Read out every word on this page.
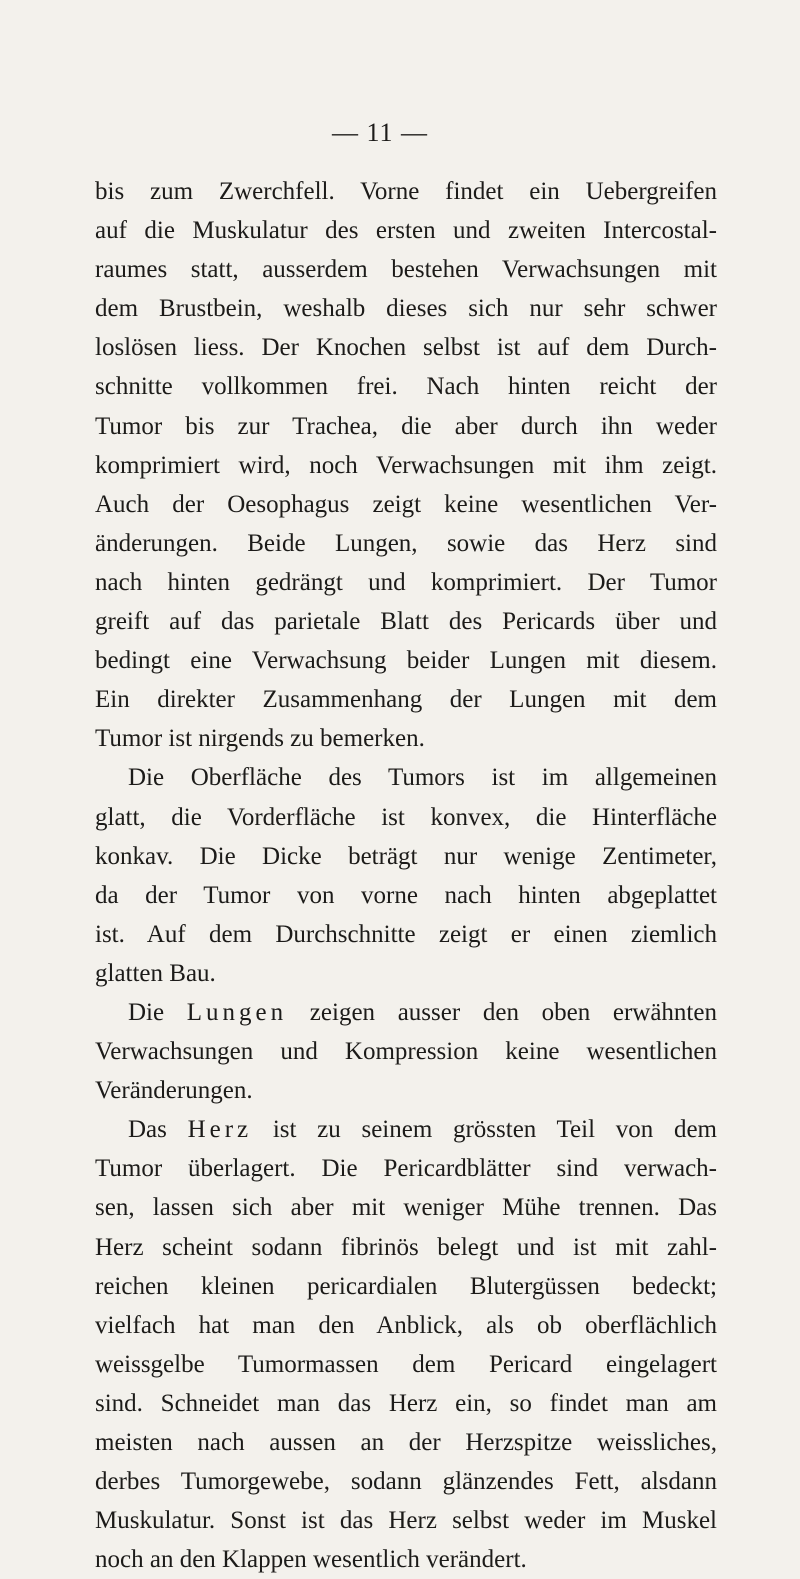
— 11 —
bis zum Zwerchfell. Vorne findet ein Uebergreifen
auf die Muskulatur des ersten und zweiten Intercostal-
raumes statt, ausserdem bestehen Verwachsungen mit
dem Brustbein, weshalb dieses sich nur sehr schwer
loslösen liess. Der Knochen selbst ist auf dem Durch-
schnitte vollkommen frei. Nach hinten reicht der
Tumor bis zur Trachea, die aber durch ihn weder
komprimiert wird, noch Verwachsungen mit ihm zeigt.
Auch der Oesophagus zeigt keine wesentlichen Ver-
änderungen. Beide Lungen, sowie das Herz sind
nach hinten gedrängt und komprimiert. Der Tumor
greift auf das parietale Blatt des Pericards über und
bedingt eine Verwachsung beider Lungen mit diesem.
Ein direkter Zusammenhang der Lungen mit dem
Tumor ist nirgends zu bemerken.
Die Oberfläche des Tumors ist im allgemeinen
glatt, die Vorderfläche ist konvex, die Hinterfläche
konkav. Die Dicke beträgt nur wenige Zentimeter,
da der Tumor von vorne nach hinten abgeplattet
ist. Auf dem Durchschnitte zeigt er einen ziemlich
glatten Bau.
Die Lungen zeigen ausser den oben erwähnten
Verwachsungen und Kompression keine wesentlichen
Veränderungen.
Das Herz ist zu seinem grössten Teil von dem
Tumor überlagert. Die Pericardblätter sind verwach-
sen, lassen sich aber mit weniger Mühe trennen. Das
Herz scheint sodann fibrinös belegt und ist mit zahl-
reichen kleinen pericardialen Blutergüssen bedeckt;
vielfach hat man den Anblick, als ob oberflächlich
weissgelbe Tumormassen dem Pericard eingelagert
sind. Schneidet man das Herz ein, so findet man am
meisten nach aussen an der Herzspitze weissliches,
derbes Tumorgewebe, sodann glänzendes Fett, alsdann
Muskulatur. Sonst ist das Herz selbst weder im Muskel
noch an den Klappen wesentlich verändert.
